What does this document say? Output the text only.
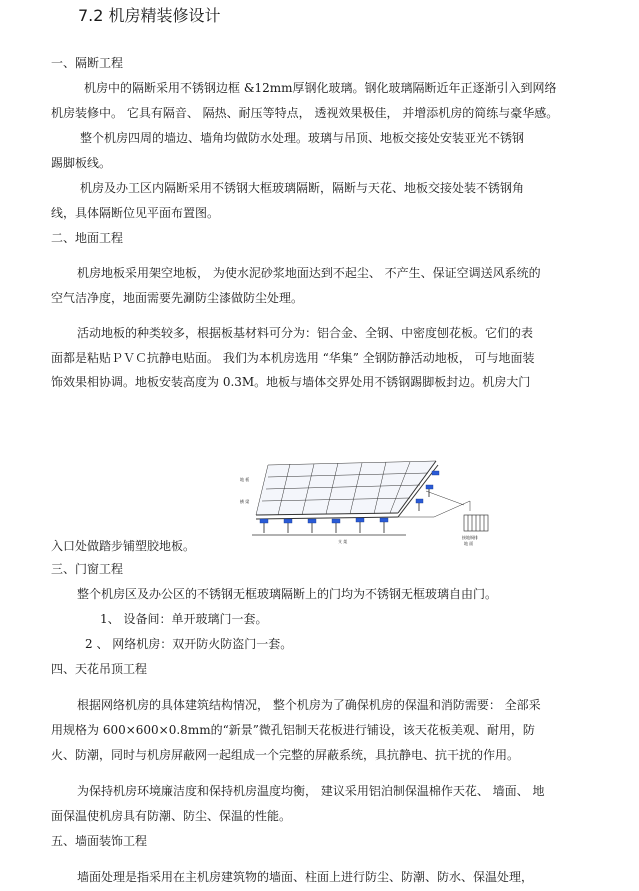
7.2 机房精装修设计
一、隔断工程
机房中的隔断采用不锈钢边框 &12mm厚钢化玻璃。钢化玻璃隔断近年正逐渐引入到网络
机房装修中。 它具有隔音、 隔热、耐压等特点， 透视效果极佳， 并增添机房的简练与豪华感。
整个机房四周的墙边、墙角均做防水处理。玻璃与吊顶、地板交接处安装亚光不锈钢
踢脚板线。
机房及办工区内隔断采用不锈钢大框玻璃隔断，隔断与天花、地板交接处装不锈钢角
线，具体隔断位见平面布置图。
二、地面工程
机房地板采用架空地板， 为使水泥砂浆地面达到不起尘、 不产生、保证空调送风系统的
空气洁净度，地面需要先涮防尘漆做防尘处理。
活动地板的种类较多，根据板基材料可分为：铝合金、全钢、中密度刨花板。它们的表
面都是粘贴ＰＶＣ抗静电贴面。 我们为本机房选用 “华集” 全钢防静活动地板， 可与地面装
饰效果相协调。地板安装高度为 0.3M。地板与墙体交界处用不锈钢踢脚板封边。机房大门
地 板
横 梁
支 架
接地铜排
地 面
入口处做踏步铺塑胶地板。
三、门窗工程
整个机房区及办公区的不锈钢无框玻璃隔断上的门均为不锈钢无框玻璃自由门。
1、 设备间：单开玻璃门一套。
2 、 网络机房：双开防火防盗门一套。
四、天花吊顶工程
根据网络机房的具体建筑结构情况， 整个机房为了确保机房的保温和消防需要： 全部采
用规格为 600×600×0.8mm的“新景”微孔铝制天花板进行铺设，该天花板美观、耐用，防
火、防潮，同时与机房屏蔽网一起组成一个完整的屏蔽系统，具抗静电、抗干扰的作用。
为保持机房环境廉洁度和保持机房温度均衡， 建议采用铝泊制保温棉作天花、 墙面、 地
面保温使机房具有防潮、防尘、保温的性能。
五、墙面装饰工程
墙面处理是指采用在主机房建筑物的墙面、柱面上进行防尘、防潮、防水、保温处理，
